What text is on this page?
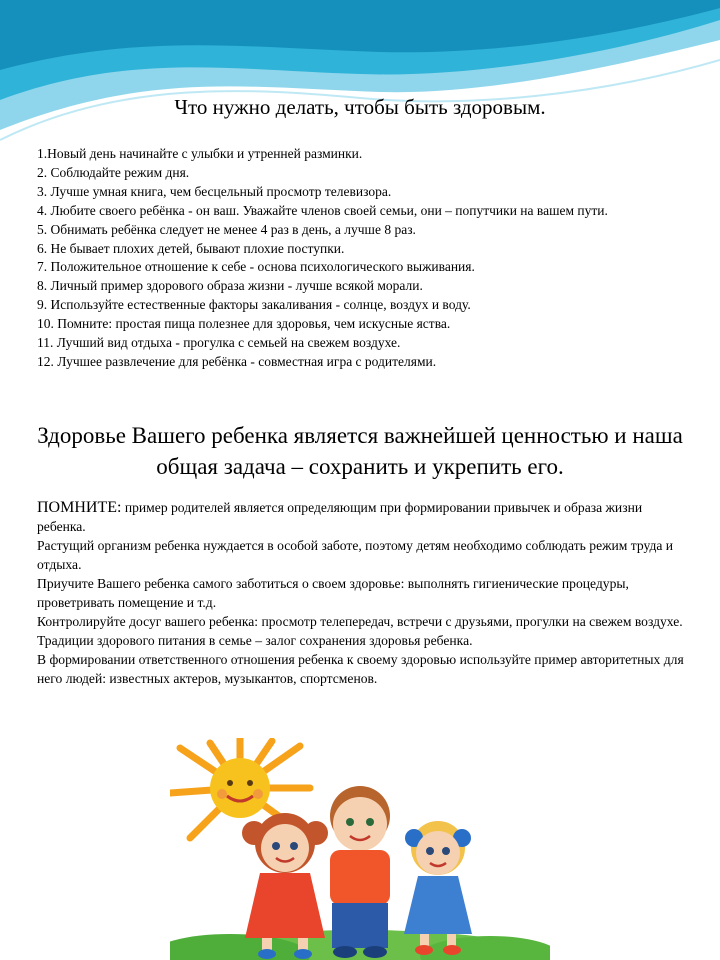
Что нужно делать, чтобы быть здоровым.
1.Новый день начинайте с улыбки и утренней разминки.
2. Соблюдайте режим дня.
3. Лучше умная книга, чем бесцельный просмотр телевизора.
4. Любите своего ребёнка - он ваш. Уважайте членов своей семьи, они – попутчики на вашем пути.
5. Обнимать ребёнка следует не менее 4 раз в день, а лучше 8 раз.
6. Не бывает плохих детей, бывают плохие поступки.
7. Положительное отношение к себе - основа психологического выживания.
8. Личный пример здорового образа жизни - лучше всякой морали.
9. Используйте естественные факторы закаливания - солнце, воздух и воду.
10. Помните: простая пища полезнее для здоровья, чем искусные яства.
11. Лучший вид отдыха - прогулка с семьей на свежем воздухе.
12. Лучшее развлечение для ребёнка - совместная игра с родителями.
Здоровье Вашего ребенка является важнейшей ценностью и наша общая задача – сохранить и укрепить его.
ПОМНИТЕ: пример родителей является определяющим при формировании привычек и образа жизни ребенка.
Растущий организм ребенка нуждается в особой заботе, поэтому детям необходимо соблюдать режим труда и отдыха.
Приучите Вашего ребенка самого заботиться о своем здоровье: выполнять гигиенические процедуры, проветривать помещение и т.д.
Контролируйте досуг вашего ребенка: просмотр телепередач, встречи с друзьями, прогулки на свежем воздухе.
Традиции здорового питания в семье – залог сохранения здоровья ребенка.
В формировании ответственного отношения ребенка к своему здоровью используйте пример авторитетных для него людей: известных актеров, музыкантов, спортсменов.
